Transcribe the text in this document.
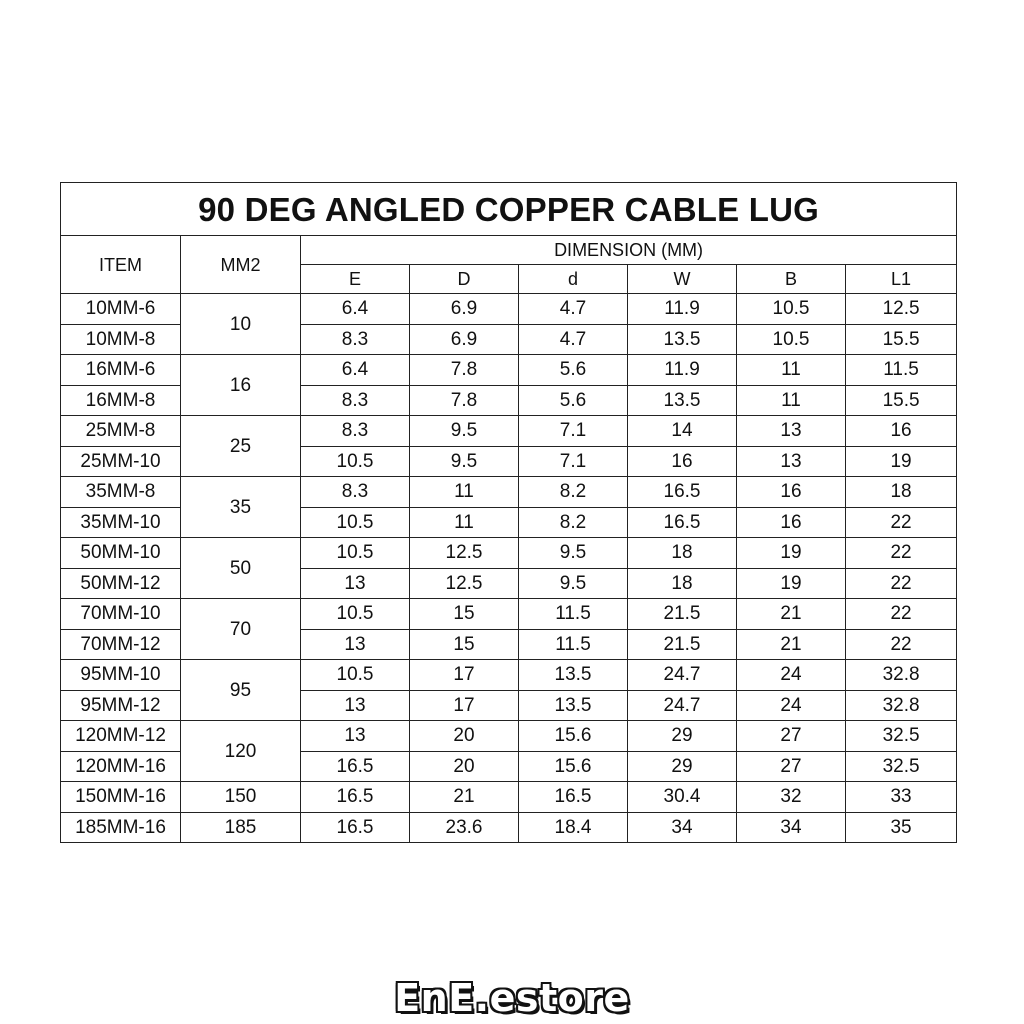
90 DEG ANGLED COPPER CABLE LUG							
ITEM	MM2	DIMENSION (MM)					
		E	D	d	W	B	L1
10MM-6	10	6.4	6.9	4.7	11.9	10.5	12.5
10MM-8		8.3	6.9	4.7	13.5	10.5	15.5
16MM-6	16	6.4	7.8	5.6	11.9	11	11.5
16MM-8		8.3	7.8	5.6	13.5	11	15.5
25MM-8	25	8.3	9.5	7.1	14	13	16
25MM-10		10.5	9.5	7.1	16	13	19
35MM-8	35	8.3	11	8.2	16.5	16	18
35MM-10		10.5	11	8.2	16.5	16	22
50MM-10	50	10.5	12.5	9.5	18	19	22
50MM-12		13	12.5	9.5	18	19	22
70MM-10	70	10.5	15	11.5	21.5	21	22
70MM-12		13	15	11.5	21.5	21	22
95MM-10	95	10.5	17	13.5	24.7	24	32.8
95MM-12		13	17	13.5	24.7	24	32.8
120MM-12	120	13	20	15.6	29	27	32.5
120MM-16		16.5	20	15.6	29	27	32.5
150MM-16	150	16.5	21	16.5	30.4	32	33
185MM-16	185	16.5	23.6	18.4	34	34	35
EnE.estore
